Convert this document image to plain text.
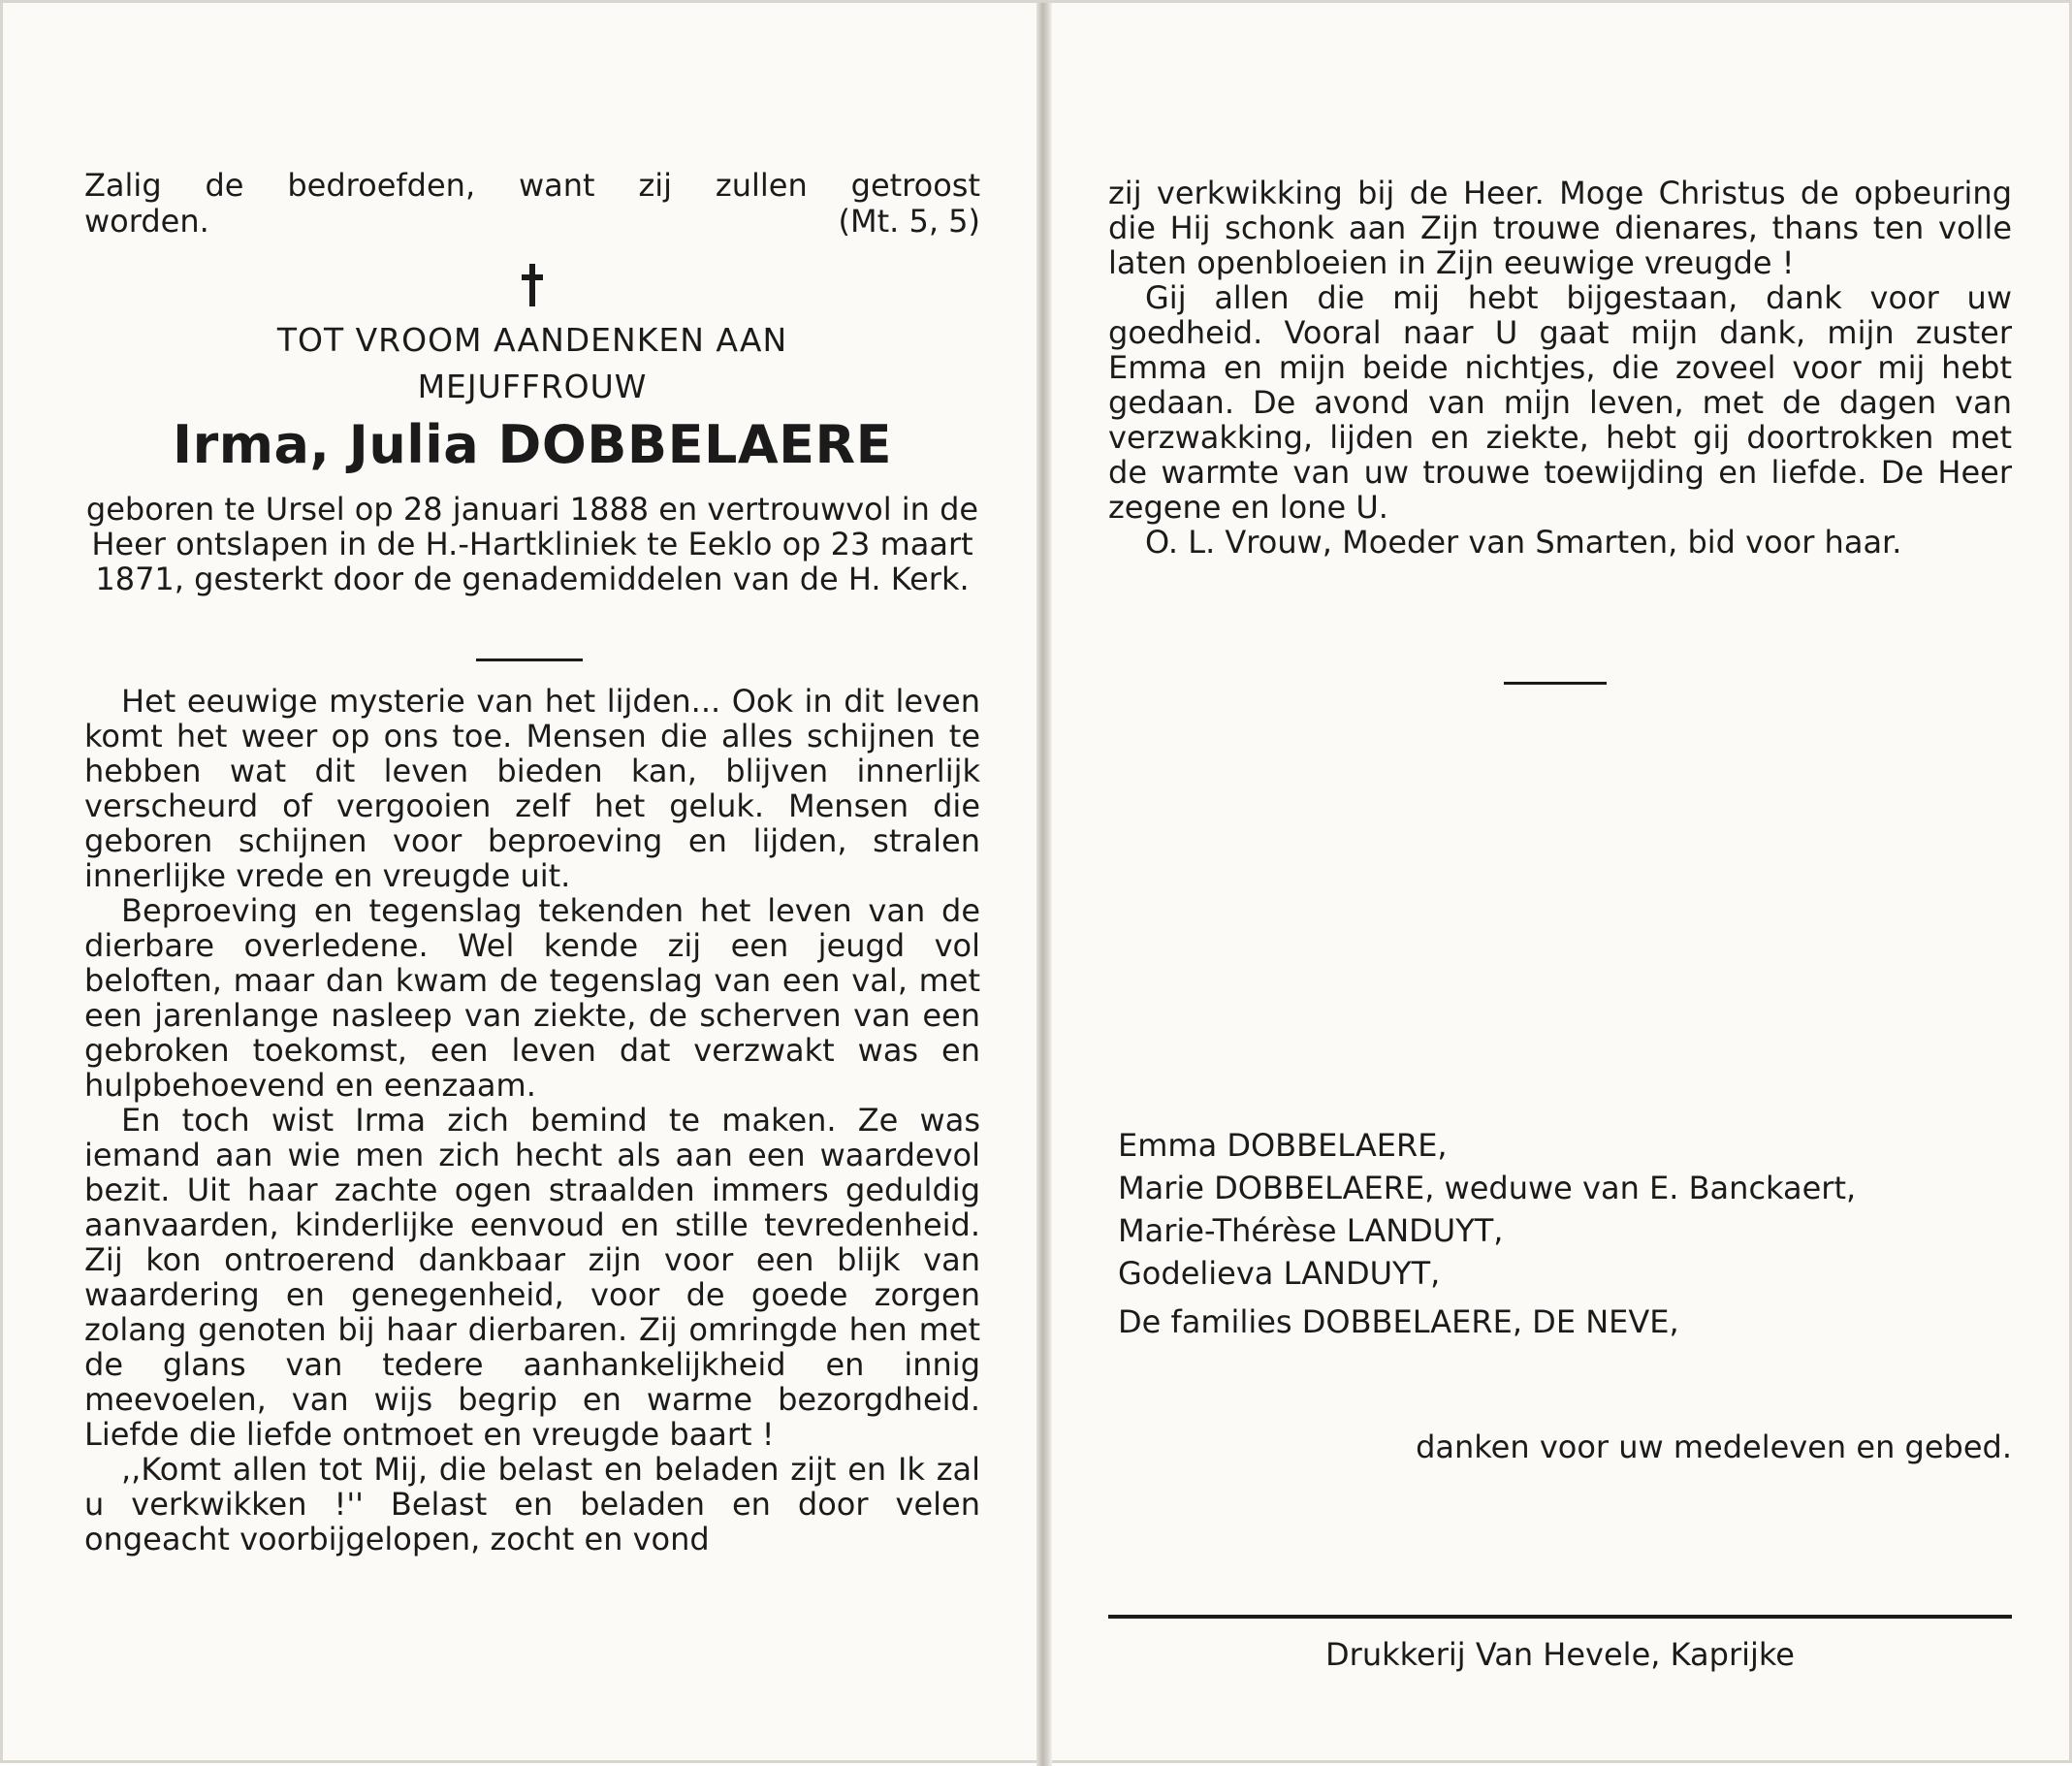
Zalig de bedroefden, want zij zullen getroost
worden.	(Mt. 5, 5)
TOT VROOM AANDENKEN AAN
MEJUFFROUW
Irma, Julia DOBBELAERE
geboren te Ursel op 28 januari 1888 en vertrouwvol in de Heer ontslapen in de H.-Hartkliniek te Eeklo op 23 maart 1871, gesterkt door de genademiddelen van de H. Kerk.

Het eeuwige mysterie van het lijden... Ook in dit leven komt het weer op ons toe. Mensen die alles schijnen te hebben wat dit leven bieden kan, blijven innerlijk verscheurd of vergooien zelf het geluk. Mensen die geboren schijnen voor beproeving en lijden, stralen innerlijke vrede en vreugde uit.

Beproeving en tegenslag tekenden het leven van de dierbare overledene. Wel kende zij een jeugd vol beloften, maar dan kwam de tegenslag van een val, met een jarenlange nasleep van ziekte, de scherven van een gebroken toekomst, een leven dat verzwakt was en hulpbehoevend en eenzaam.

En toch wist Irma zich bemind te maken. Ze was iemand aan wie men zich hecht als aan een waardevol bezit. Uit haar zachte ogen straalden immers geduldig aanvaarden, kinderlijke eenvoud en stille tevredenheid. Zij kon ontroerend dankbaar zijn voor een blijk van waardering en genegenheid, voor de goede zorgen zolang genoten bij haar dierbaren. Zij omringde hen met de glans van tedere aanhankelijkheid en innig meevoelen, van wijs begrip en warme bezorgdheid. Liefde die liefde ontmoet en vreugde baart !

,,Komt allen tot Mij, die belast en beladen zijt en Ik zal u verkwikken !'' Belast en beladen en door velen ongeacht voorbijgelopen, zocht en vond

zij verkwikking bij de Heer. Moge Christus de opbeuring die Hij schonk aan Zijn trouwe dienares, thans ten volle laten openbloeien in Zijn eeuwige vreugde !

Gij allen die mij hebt bijgestaan, dank voor uw goedheid. Vooral naar U gaat mijn dank, mijn zuster Emma en mijn beide nichtjes, die zoveel voor mij hebt gedaan. De avond van mijn leven, met de dagen van verzwakking, lijden en ziekte, hebt gij doortrokken met de warmte van uw trouwe toewijding en liefde. De Heer zegene en lone U.

O. L. Vrouw, Moeder van Smarten, bid voor haar.

Emma DOBBELAERE,
Marie DOBBELAERE, weduwe van E. Banckaert,
Marie-Thérèse LANDUYT,
Godelieva LANDUYT,
De families DOBBELAERE, DE NEVE,
danken voor uw medeleven en gebed.
Drukkerij Van Hevele, Kaprijke
